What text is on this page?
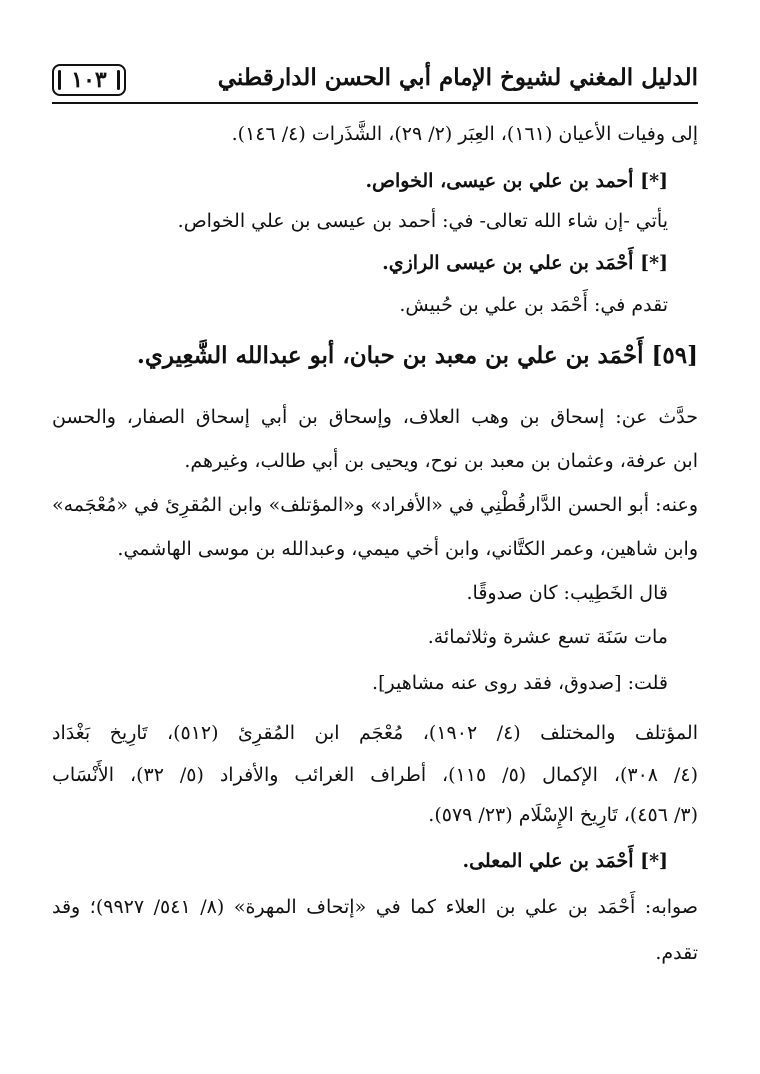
الدليل المغني لشيوخ الإمام أبي الحسن الدارقطني
١٠٣
إلى وفيات الأعيان (١٦١)، العِبَر (٢/ ٢٩)، الشَّذَرات (٤/ ١٤٦).
[*] أحمد بن علي بن عيسى، الخواص.
يأتي -إن شاء الله تعالى- في: أحمد بن عيسى بن علي الخواص.
[*] أَحْمَد بن علي بن عيسى الرازي.
تقدم في: أَحْمَد بن علي بن حُبيش.
[٥٩] أَحْمَد بن علي بن معبد بن حبان، أبو عبدالله الشَّعِيري.
حدَّث عن: إسحاق بن وهب العلاف، وإسحاق بن أبي إسحاق الصفار، والحسن
ابن عرفة، وعثمان بن معبد بن نوح، ويحيى بن أبي طالب، وغيرهم.
وعنه: أبو الحسن الدَّارقُطْنِي في «الأفراد» و«المؤتلف» وابن المُقرِئ في «مُعْجَمه»
وابن شاهين، وعمر الكتَّاني، وابن أخي ميمي، وعبدالله بن موسى الهاشمي.
قال الخَطِيب: كان صدوقًا.
مات سَنَة تسع عشرة وثلاثمائة.
قلت: [صدوق، فقد روى عنه مشاهير].
المؤتلف والمختلف (٤/ ١٩٠٢)، مُعْجَم ابن المُقرِئ (٥١٢)، تَارِيخ بَغْدَاد
(٤/ ٣٠٨)، الإكمال (٥/ ١١٥)، أطراف الغرائب والأفراد (٥/ ٣٢)، الأَنْسَاب
(٣/ ٤٥٦)، تَارِيخ الإِسْلَام (٢٣/ ٥٧٩).
[*] أَحْمَد بن علي المعلى.
صوابه: أَحْمَد بن علي بن العلاء كما في «إتحاف المهرة» (٨/ ٥٤١/ ٩٩٢٧)؛ وقد
تقدم.
